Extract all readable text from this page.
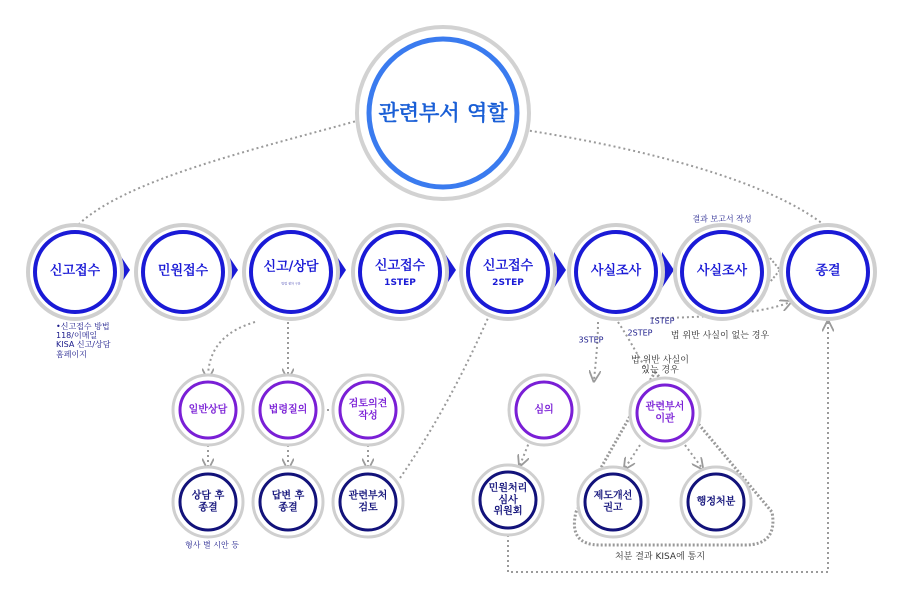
관련부서 역할
신고접수	민원접수	신고/상담
방법 절차 구분
신고접수
1STEP
신고접수
2STEP
사실조사	사실조사
결과 보고서 작성
종결
•신고접수 방법
118/이메일
KISA 신고/상담
홈페이지
일반상담	법령질의
검토의견
작성
심의	관련부서
이관
상담 후
종결
답변 후
종결
관련부처
검토
민원처리
심사
위원회
제도개선
권고
행정처분
형사 별 시안 등
3STEP
2STEP
1STEP
법 위반 사실이 없는 경우
법 위반 사실이
있는 경우
처분 결과 KISA에 통지
